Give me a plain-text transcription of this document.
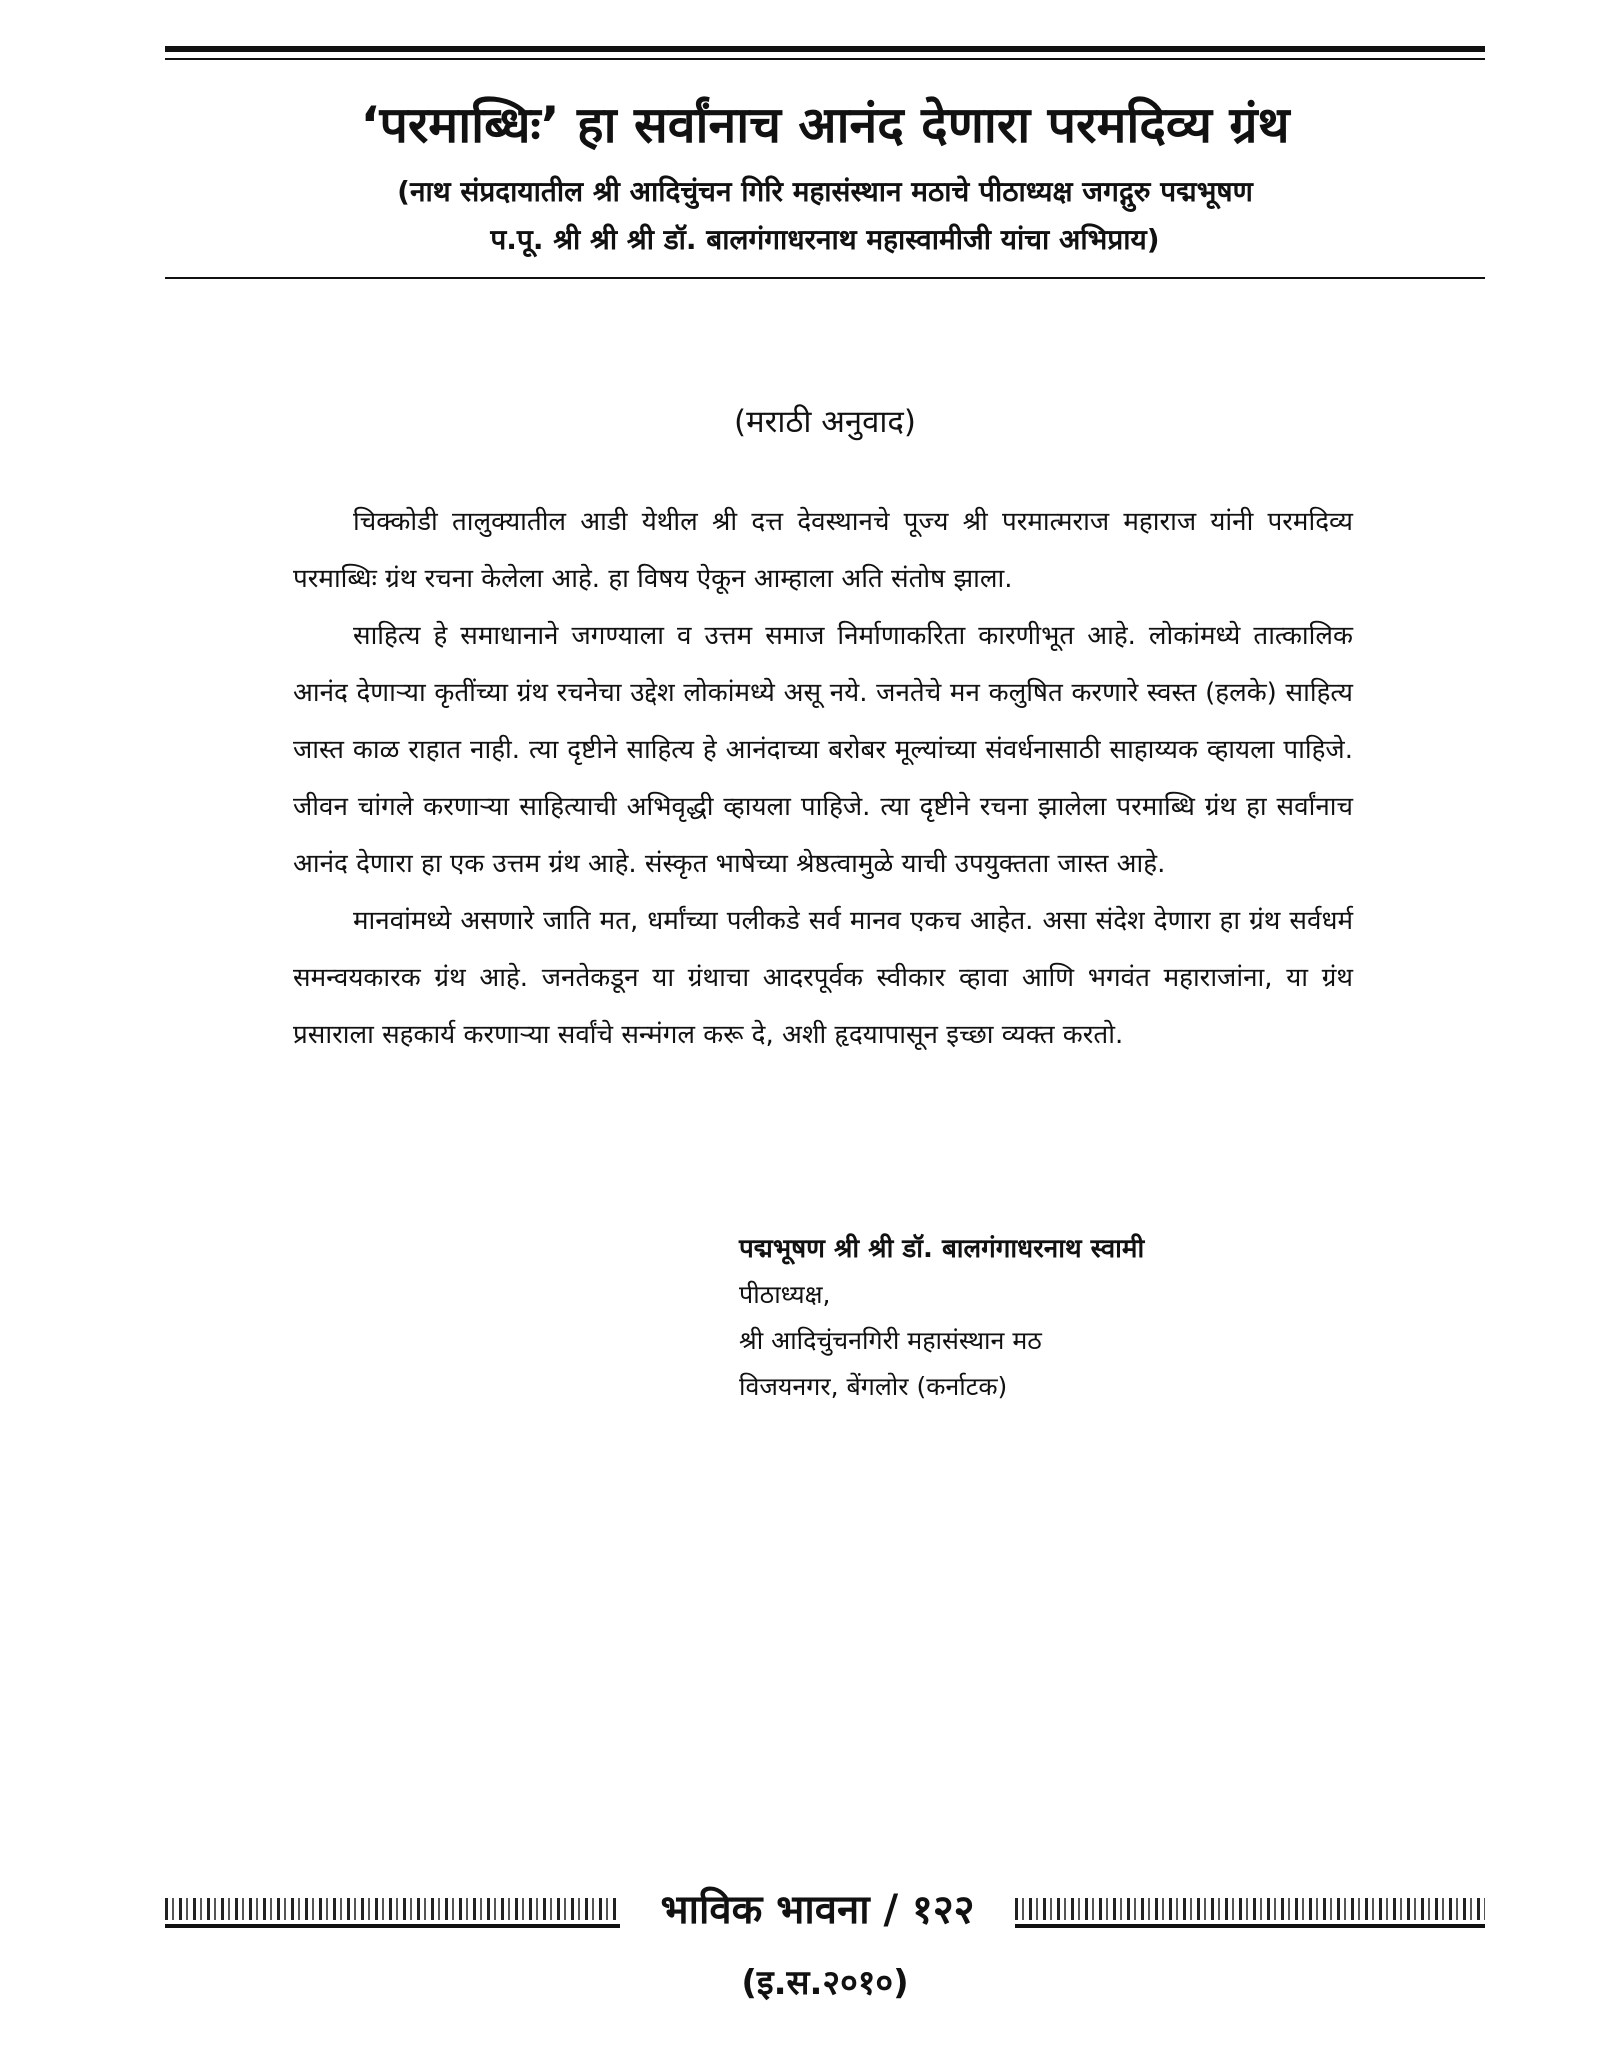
‘परमाब्धिः’ हा सर्वांनाच आनंद देणारा परमदिव्य ग्रंथ
(नाथ संप्रदायातील श्री आदिचुंचन गिरि महासंस्थान मठाचे पीठाध्यक्ष जगद्गुरु पद्मभूषण
प.पू. श्री श्री श्री डॉ. बालगंगाधरनाथ महास्वामीजी यांचा अभिप्राय)
(मराठी अनुवाद)

चिक्कोडी तालुक्यातील आडी येथील श्री दत्त देवस्थानचे पूज्य श्री परमात्मराज महाराज यांनी परमदिव्य परमाब्धिः ग्रंथ रचना केलेला आहे. हा विषय ऐकून आम्हाला अति संतोष झाला.

साहित्य हे समाधानाने जगण्याला व उत्तम समाज निर्माणाकरिता कारणीभूत आहे. लोकांमध्ये तात्कालिक आनंद देणाऱ्या कृतींच्या ग्रंथ रचनेचा उद्देश लोकांमध्ये असू नये. जनतेचे मन कलुषित करणारे स्वस्त (हलके) साहित्य जास्त काळ राहात नाही. त्या दृष्टीने साहित्य हे आनंदाच्या बरोबर मूल्यांच्या संवर्धनासाठी साहाय्यक व्हायला पाहिजे. जीवन चांगले करणाऱ्या साहित्याची अभिवृद्धी व्हायला पाहिजे. त्या दृष्टीने रचना झालेला परमाब्धि ग्रंथ हा सर्वांनाच आनंद देणारा हा एक उत्तम ग्रंथ आहे. संस्कृत भाषेच्या श्रेष्ठत्वामुळे याची उपयुक्तता जास्त आहे.

मानवांमध्ये असणारे जाति मत, धर्मांच्या पलीकडे सर्व मानव एकच आहेत. असा संदेश देणारा हा ग्रंथ सर्वधर्म समन्वयकारक ग्रंथ आहे. जनतेकडून या ग्रंथाचा आदरपूर्वक स्वीकार व्हावा आणि भगवंत महाराजांना, या ग्रंथ प्रसाराला सहकार्य करणाऱ्या सर्वांचे सन्मंगल करू दे, अशी हृदयापासून इच्छा व्यक्त करतो.

पद्मभूषण श्री श्री डॉ. बालगंगाधरनाथ स्वामी
पीठाध्यक्ष,
श्री आदिचुंचनगिरी महासंस्थान मठ
विजयनगर, बेंगलोर (कर्नाटक)
भाविक भावना / १२२
(इ.स.२०१०)
